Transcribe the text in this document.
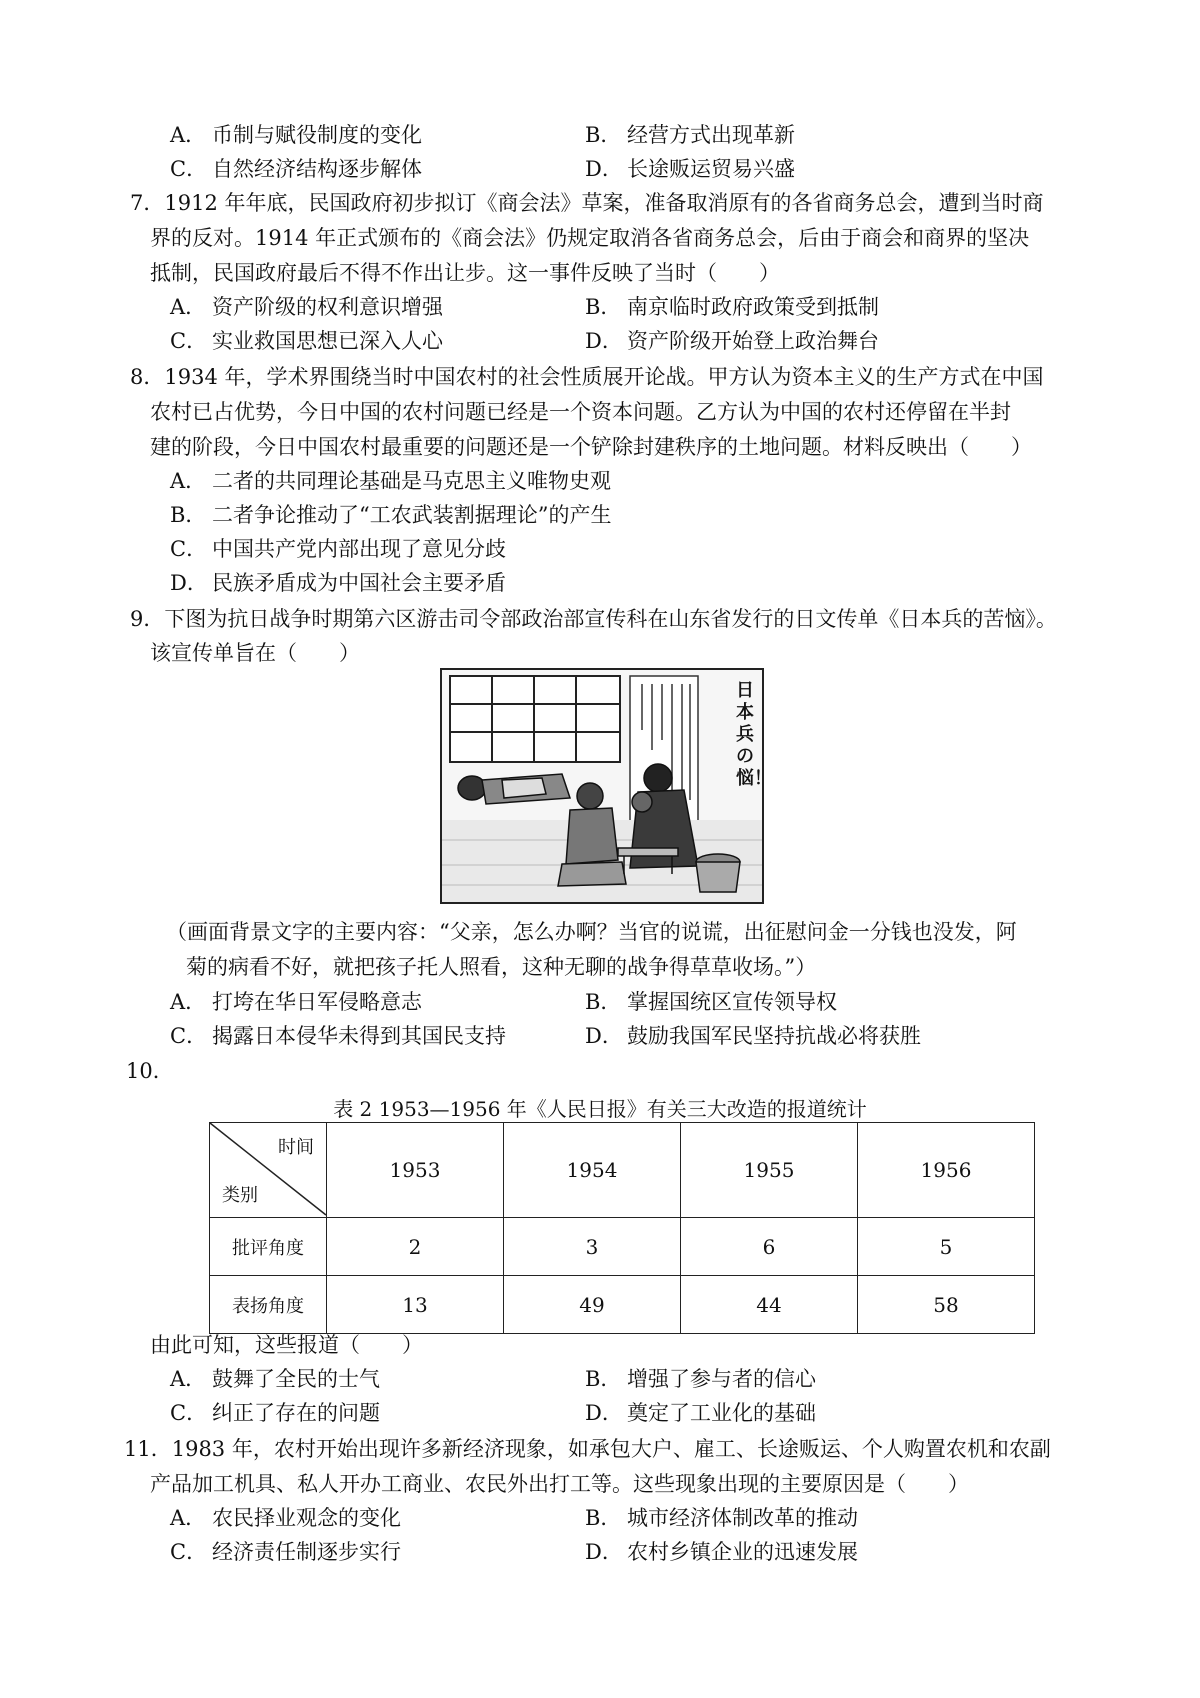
A． 币制与赋役制度的变化	B． 经营方式出现革新
C． 自然经济结构逐步解体	D． 长途贩运贸易兴盛
7．1912 年年底，民国政府初步拟订《商会法》草案，准备取消原有的各省商务总会，遭到当时商
界的反对。1914 年正式颁布的《商会法》仍规定取消各省商务总会，后由于商会和商界的坚决
抵制，民国政府最后不得不作出让步。这一事件反映了当时（　　）
A． 资产阶级的权利意识增强	B． 南京临时政府政策受到抵制
C． 实业救国思想已深入人心	D． 资产阶级开始登上政治舞台
8．1934 年，学术界围绕当时中国农村的社会性质展开论战。甲方认为资本主义的生产方式在中国
农村已占优势，今日中国的农村问题已经是一个资本问题。乙方认为中国的农村还停留在半封
建的阶段，今日中国农村最重要的问题还是一个铲除封建秩序的土地问题。材料反映出（　　）
A． 二者的共同理论基础是马克思主义唯物史观
B． 二者争论推动了“工农武装割据理论”的产生
C． 中国共产党内部出现了意见分歧
D． 民族矛盾成为中国社会主要矛盾
9．下图为抗日战争时期第六区游击司令部政治部宣传科在山东省发行的日文传单《日本兵的苦恼》。
该宣传单旨在（　　）
日本兵の悩！
（画面背景文字的主要内容：“父亲，怎么办啊？当官的说谎，出征慰问金一分钱也没发，阿
菊的病看不好，就把孩子托人照看，这种无聊的战争得草草收场。”）
A． 打垮在华日军侵略意志	B． 掌握国统区宣传领导权
C． 揭露日本侵华未得到其国民支持	D． 鼓励我国军民坚持抗战必将获胜
10．
表 2 1953—1956 年《人民日报》有关三大改造的报道统计
时间
类别	1953	1954	1955	1956
批评角度	2	3	6	5
表扬角度	13	49	44	58
由此可知，这些报道（　　）
A． 鼓舞了全民的士气	B． 增强了参与者的信心
C． 纠正了存在的问题	D． 奠定了工业化的基础
11．1983 年，农村开始出现许多新经济现象，如承包大户、雇工、长途贩运、个人购置农机和农副
产品加工机具、私人开办工商业、农民外出打工等。这些现象出现的主要原因是（　　）
A． 农民择业观念的变化	B． 城市经济体制改革的推动
C． 经济责任制逐步实行	D． 农村乡镇企业的迅速发展
